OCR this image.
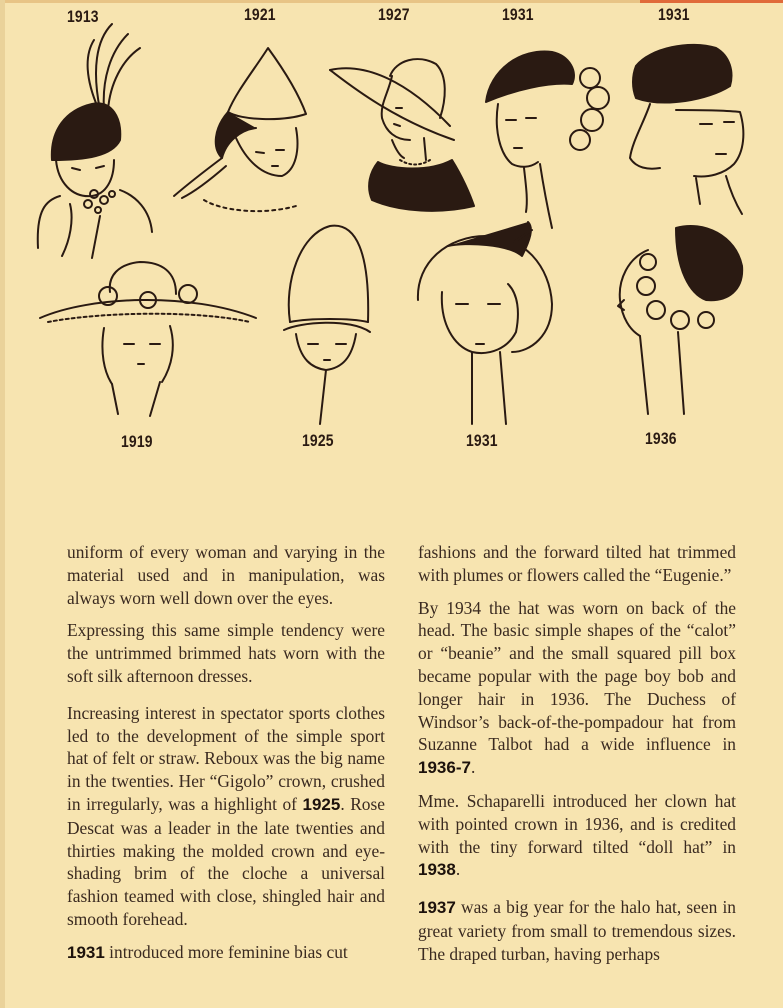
1913	1921	1927	1931	1931
1919	1925	1931	1936

uniform of every woman and varying in the material used and in manipulation, was always worn well down over the eyes.

Expressing this same simple tendency were the untrimmed brimmed hats worn with the soft silk afternoon dresses.

Increasing interest in spectator sports clothes led to the development of the simple sport hat of felt or straw. Reboux was the big name in the twenties. Her “Gigolo” crown, crushed in irregularly, was a highlight of 1925. Rose Descat was a leader in the late twenties and thirties making the molded crown and eye-shading brim of the cloche a universal fashion teamed with close, shingled hair and smooth forehead.

1931 introduced more feminine bias cut

fashions and the forward tilted hat trimmed with plumes or flowers called the “Eugenie.”

By 1934 the hat was worn on back of the head. The basic simple shapes of the “calot” or “beanie” and the small squared pill box became popular with the page boy bob and longer hair in 1936. The Duchess of Windsor’s back-of-the-pompadour hat from Suzanne Talbot had a wide influence in 1936-7.

Mme. Schaparelli introduced her clown hat with pointed crown in 1936, and is credited with the tiny forward tilted “doll hat” in 1938.

1937 was a big year for the halo hat, seen in great variety from small to tremendous sizes. The draped turban, having perhaps
